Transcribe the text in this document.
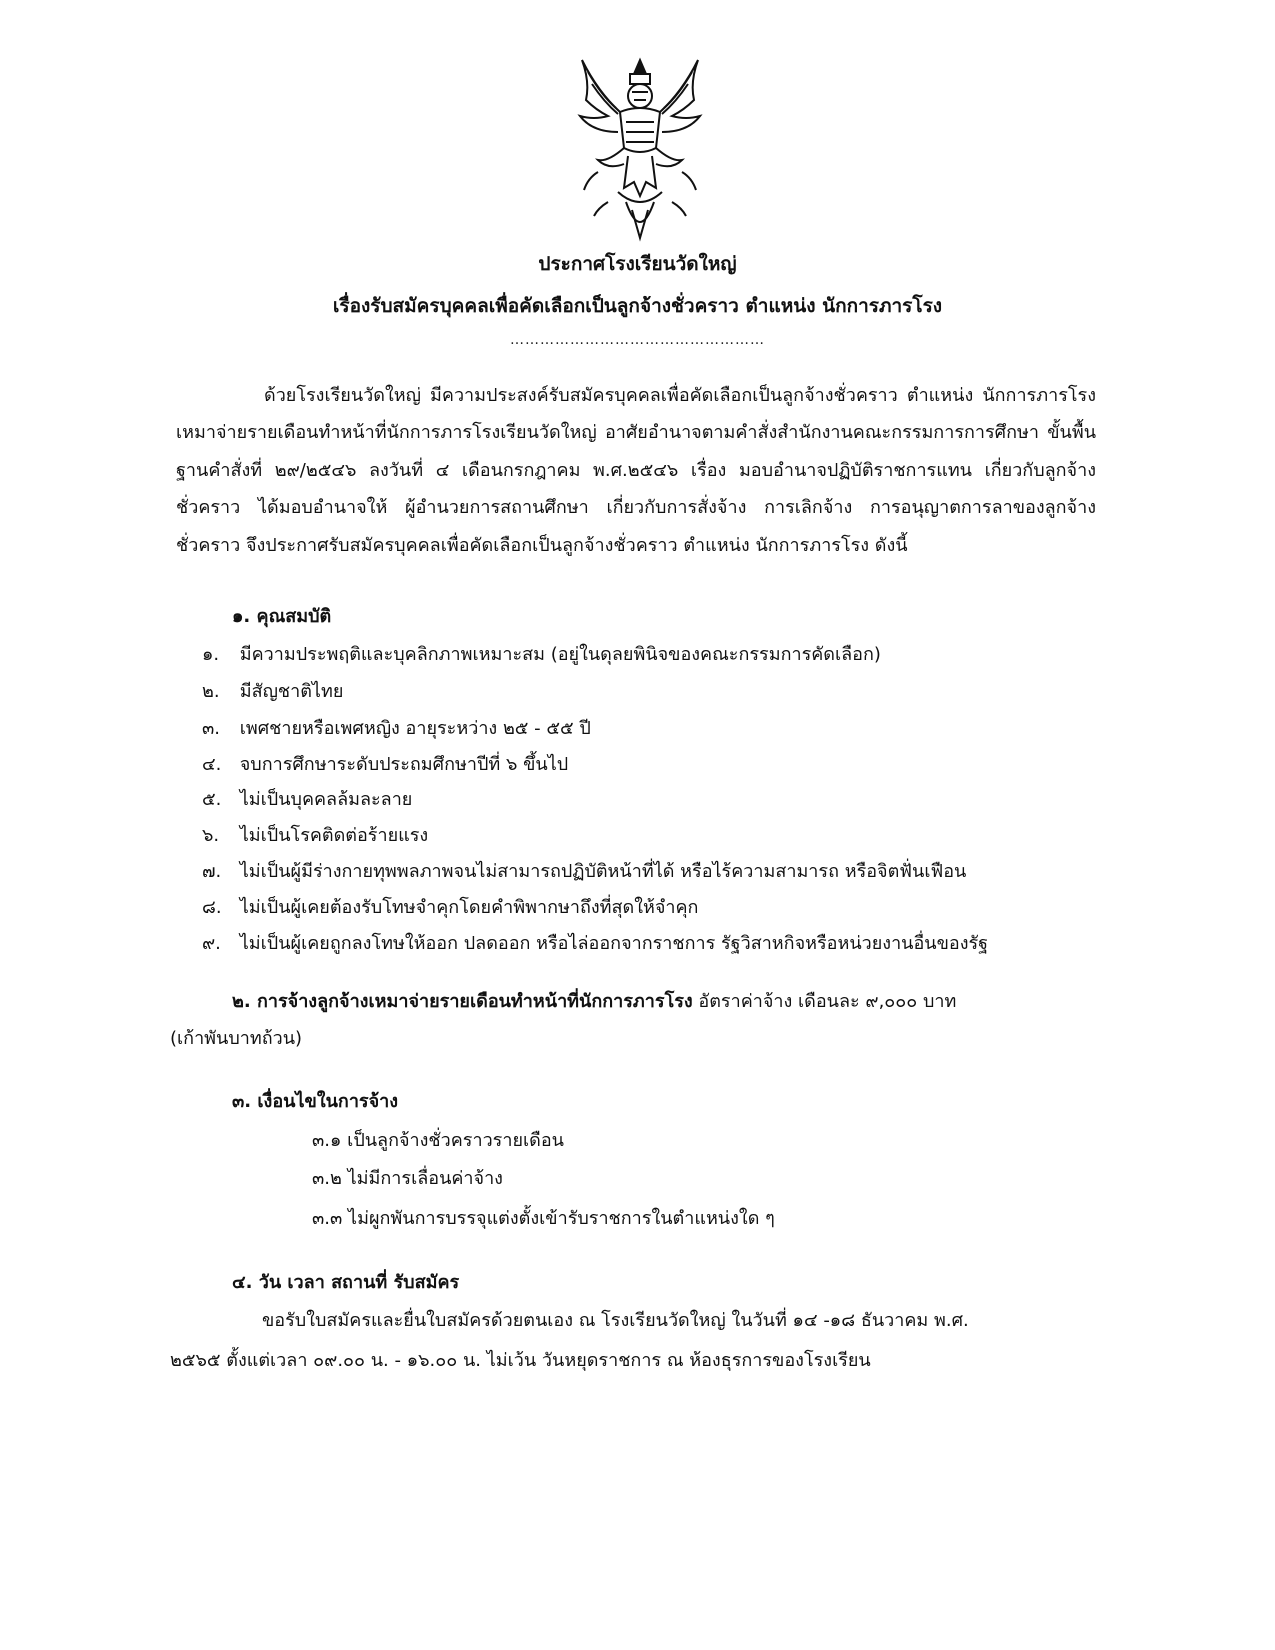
ประกาศโรงเรียนวัดใหญ่
เรื่องรับสมัครบุคคลเพื่อคัดเลือกเป็นลูกจ้างชั่วคราว ตำแหน่ง นักการภารโรง
……………………………………………
ด้วยโรงเรียนวัดใหญ่ มีความประสงค์รับสมัครบุคคลเพื่อคัดเลือกเป็นลูกจ้างชั่วคราว ตำแหน่ง นักการภารโรง เหมาจ่ายรายเดือนทำหน้าที่นักการภารโรงเรียนวัดใหญ่ อาศัยอำนาจตามคำสั่งสำนักงานคณะกรรมการการศึกษา ขั้นพื้นฐานคำสั่งที่ ๒๙/๒๕๔๖ ลงวันที่ ๔ เดือนกรกฎาคม พ.ศ.๒๕๔๖ เรื่อง มอบอำนาจปฏิบัติราชการแทน เกี่ยวกับลูกจ้างชั่วคราว ได้มอบอำนาจให้ ผู้อำนวยการสถานศึกษา เกี่ยวกับการสั่งจ้าง การเลิกจ้าง การอนุญาตการลาของลูกจ้างชั่วคราว จึงประกาศรับสมัครบุคคลเพื่อคัดเลือกเป็นลูกจ้างชั่วคราว ตำแหน่ง นักการภารโรง ดังนี้
๑. คุณสมบัติ
๑. มีความประพฤติและบุคลิกภาพเหมาะสม (อยู่ในดุลยพินิจของคณะกรรมการคัดเลือก)
๒. มีสัญชาติไทย
๓. เพศชายหรือเพศหญิง อายุระหว่าง ๒๕ - ๕๕ ปี
๔. จบการศึกษาระดับประถมศึกษาปีที่ ๖ ขึ้นไป
๕. ไม่เป็นบุคคลล้มละลาย
๖. ไม่เป็นโรคติดต่อร้ายแรง
๗. ไม่เป็นผู้มีร่างกายทุพพลภาพจนไม่สามารถปฏิบัติหน้าที่ได้ หรือไร้ความสามารถ หรือจิตฟั่นเฟือน
๘. ไม่เป็นผู้เคยต้องรับโทษจำคุกโดยคำพิพากษาถึงที่สุดให้จำคุก
๙. ไม่เป็นผู้เคยถูกลงโทษให้ออก ปลดออก หรือไล่ออกจากราชการ รัฐวิสาหกิจหรือหน่วยงานอื่นของรัฐ
๒. การจ้างลูกจ้างเหมาจ่ายรายเดือนทำหน้าที่นักการภารโรง อัตราค่าจ้าง เดือนละ ๙,๐๐๐ บาท
(เก้าพันบาทถ้วน)
๓. เงื่อนไขในการจ้าง
๓.๑ เป็นลูกจ้างชั่วคราวรายเดือน
๓.๒ ไม่มีการเลื่อนค่าจ้าง
๓.๓ ไม่ผูกพันการบรรจุแต่งตั้งเข้ารับราชการในตำแหน่งใด ๆ
๔. วัน เวลา สถานที่ รับสมัคร
ขอรับใบสมัครและยื่นใบสมัครด้วยตนเอง ณ โรงเรียนวัดใหญ่ ในวันที่ ๑๔ -๑๘ ธันวาคม พ.ศ.
๒๕๖๕ ตั้งแต่เวลา ๐๙.๐๐ น. - ๑๖.๐๐ น. ไม่เว้น วันหยุดราชการ ณ ห้องธุรการของโรงเรียน
